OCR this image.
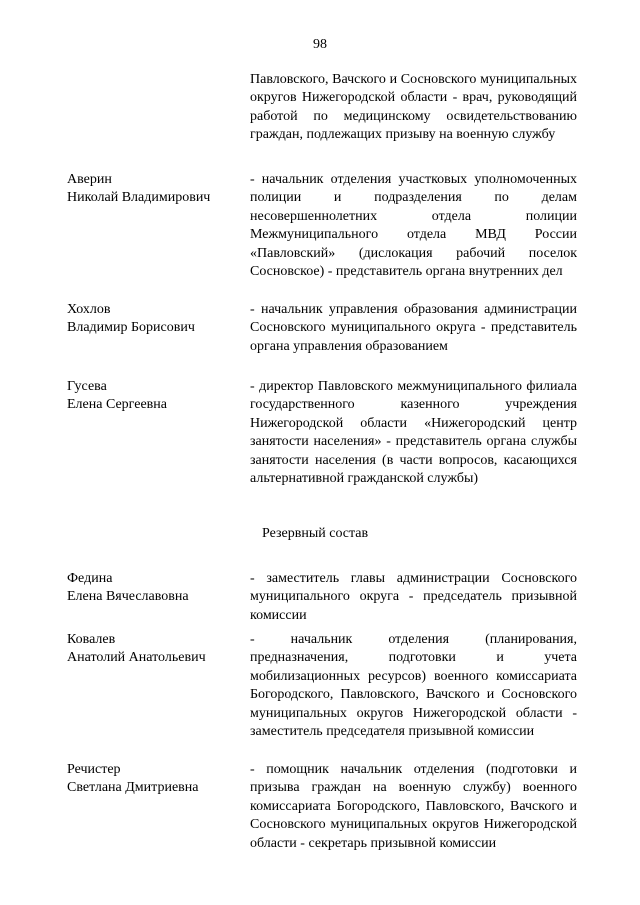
98
Павловского, Вачского и Сосновского муниципальных округов Нижегородской области - врач, руководящий работой по медицинскому освидетельствованию граждан, подлежащих призыву на военную службу
Аверин
Николай Владимирович
- начальник отделения участковых уполномоченных полиции и подразделения по делам несовершеннолетних отдела полиции Межмуниципального отдела МВД России «Павловский» (дислокация рабочий поселок Сосновское) - представитель органа внутренних дел
Хохлов
Владимир Борисович
- начальник управления образования администрации Сосновского муниципального округа - представитель органа управления образованием
Гусева
Елена Сергеевна
- директор Павловского межмуниципального филиала государственного казенного учреждения Нижегородской области «Нижегородский центр занятости населения» - представитель органа службы занятости населения (в части вопросов, касающихся альтернативной гражданской службы)
Резервный состав
Федина
Елена Вячеславовна
- заместитель главы администрации Сосновского муниципального округа - председатель призывной комиссии
Ковалев
Анатолий Анатольевич
- начальник отделения (планирования, предназначения, подготовки и учета мобилизационных ресурсов) военного комиссариата Богородского, Павловского, Вачского и Сосновского муниципальных округов Нижегородской области - заместитель председателя призывной комиссии
Речистер
Светлана Дмитриевна
- помощник начальник отделения (подготовки и призыва граждан на военную службу) военного комиссариата Богородского, Павловского, Вачского и Сосновского муниципальных округов Нижегородской области - секретарь призывной комиссии
